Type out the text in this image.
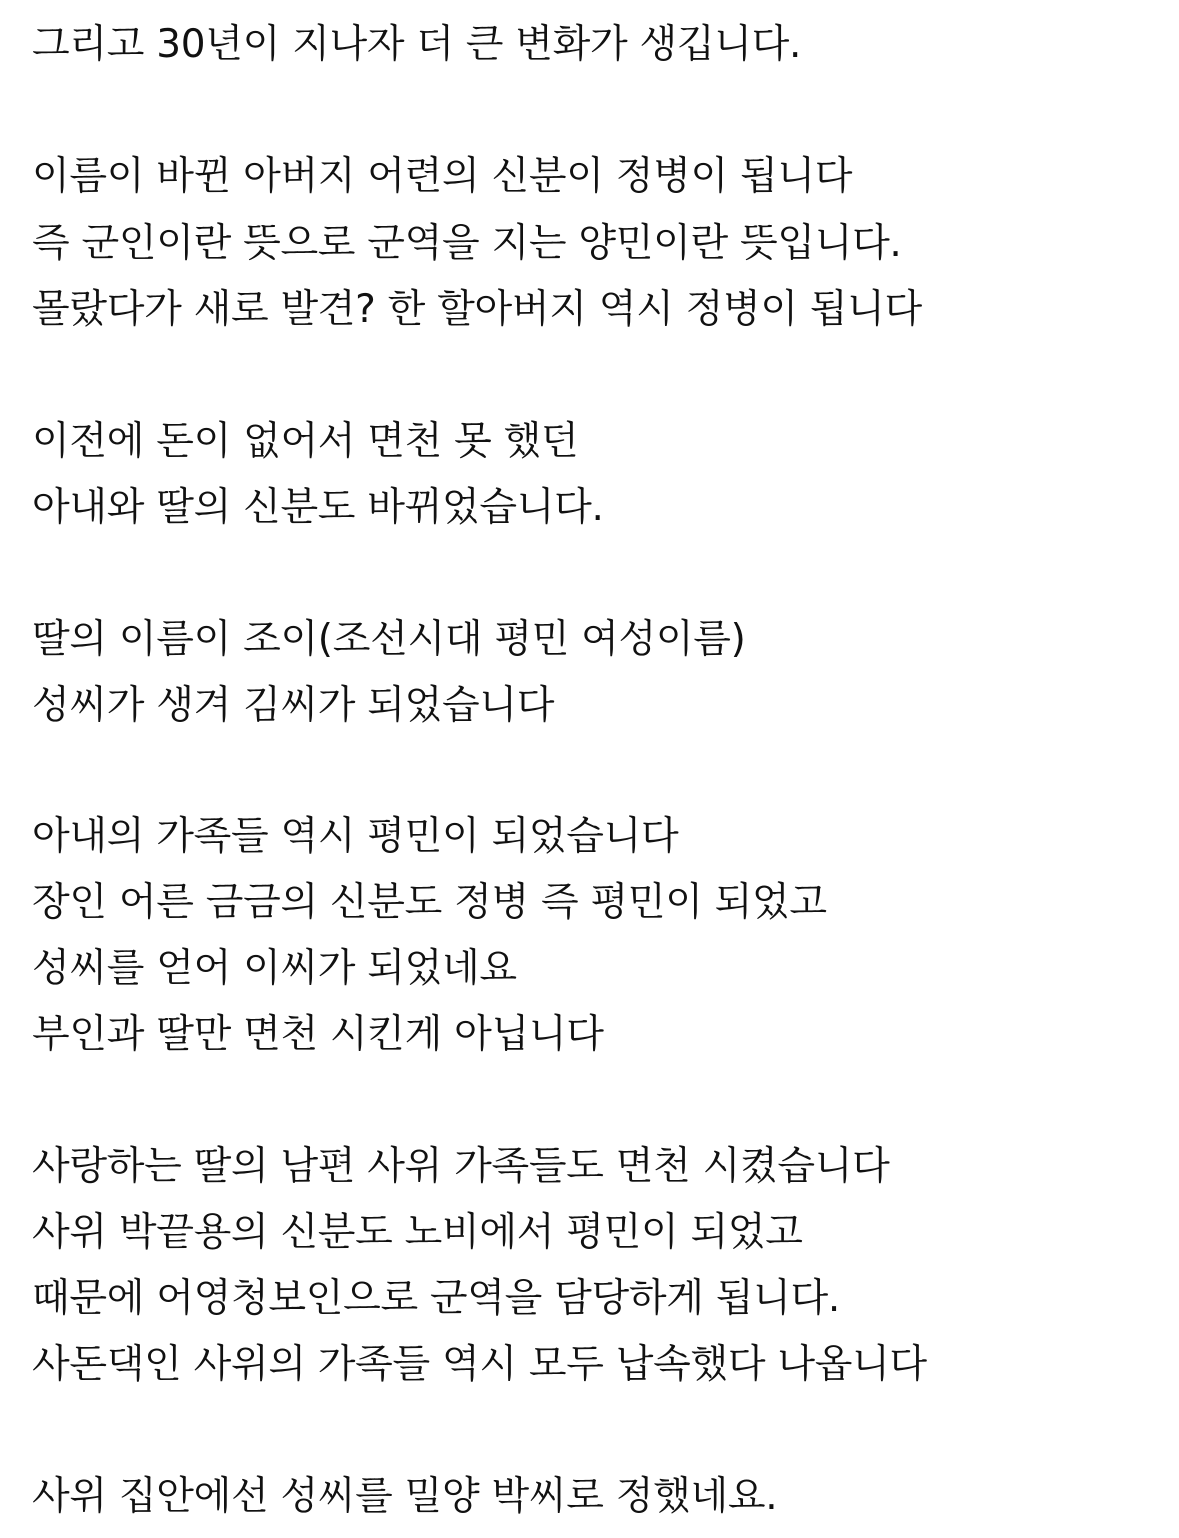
그리고 30년이 지나자 더 큰 변화가 생깁니다.
이름이 바뀐 아버지 어련의 신분이 정병이 됩니다
즉 군인이란 뜻으로 군역을 지는 양민이란 뜻입니다.
몰랐다가 새로 발견? 한 할아버지 역시 정병이 됩니다
이전에 돈이 없어서 면천 못 했던
아내와 딸의 신분도 바뀌었습니다.
딸의 이름이 조이(조선시대 평민 여성이름)
성씨가 생겨 김씨가 되었습니다
아내의 가족들 역시 평민이 되었습니다
장인 어른 금금의 신분도 정병 즉 평민이 되었고
성씨를 얻어 이씨가 되었네요
부인과 딸만 면천 시킨게 아닙니다
사랑하는 딸의 남편 사위 가족들도 면천 시켰습니다
사위 박끝용의 신분도 노비에서 평민이 되었고
때문에 어영청보인으로 군역을 담당하게 됩니다.
사돈댁인 사위의 가족들 역시 모두 납속했다 나옵니다
사위 집안에선 성씨를 밀양 박씨로 정했네요.
